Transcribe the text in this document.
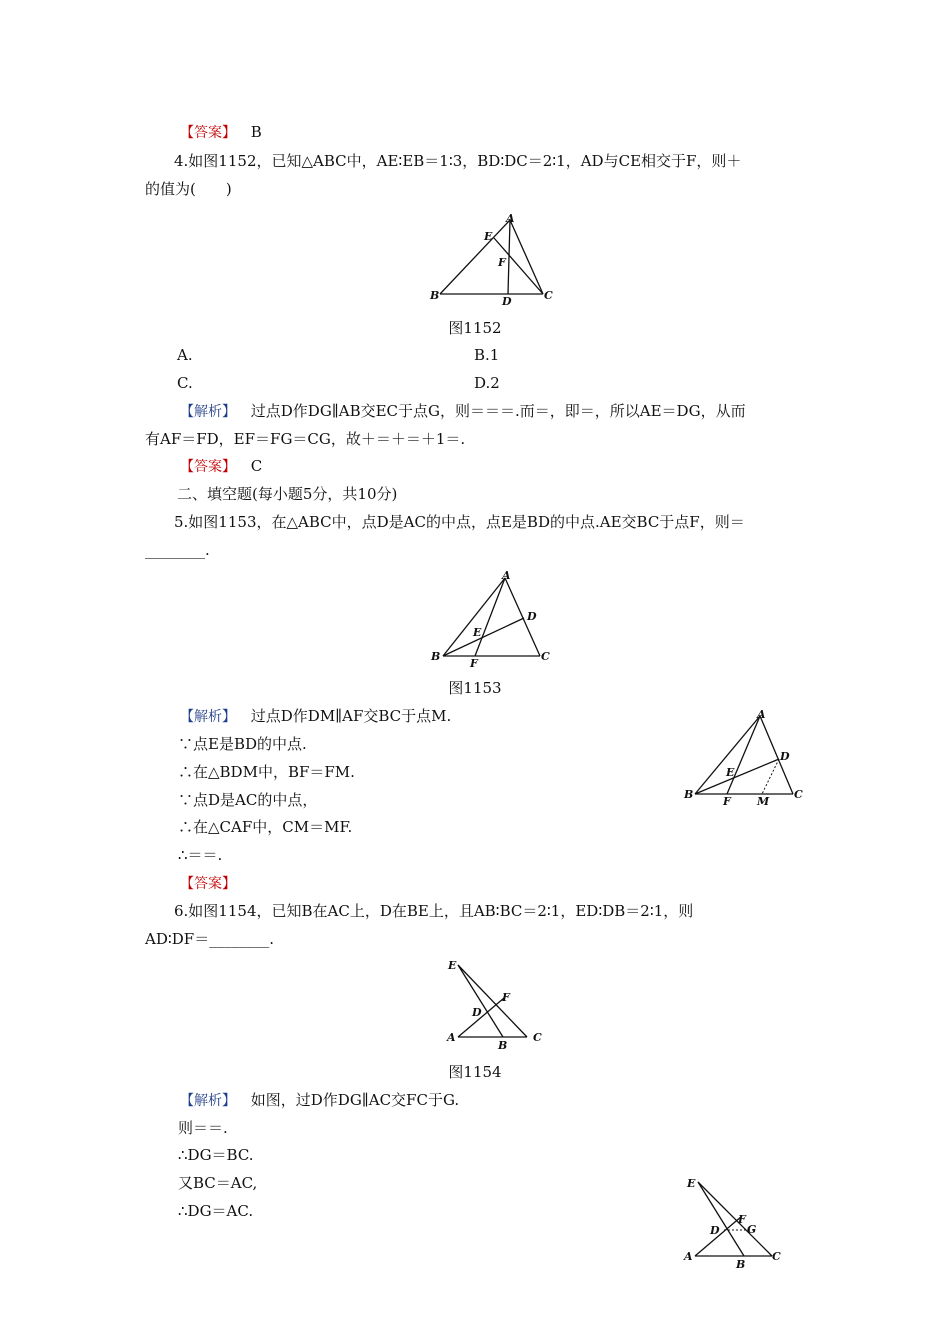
【答案】 B
4.如图1152，已知△ABC中，AE∶EB＝1∶3，BD∶DC＝2∶1，AD与CE相交于F，则＋
的值为(　　)
A
E
F
B	D	C
图1152
A.	B.1
C.	D.2
【解析】 过点D作DG∥AB交EC于点G，则＝＝＝.而＝，即＝，所以AE＝DG，从而
有AF＝FD，EF＝FG＝CG，故＋＝＋＝＋1＝.
【答案】 C
二、填空题(每小题5分，共10分)
5.如图1153，在△ABC中，点D是AC的中点，点E是BD的中点.AE交BC于点F，则＝
________.
A
D
E
B
F
C
图1153
【解析】 过点D作DM∥AF交BC于点M.
∵点E是BD的中点.
∴在△BDM中，BF＝FM.
∵点D是AC的中点，
∴在△CAF中，CM＝MF.
∴＝＝.
【答案】
A
D
E
B
F M
C
6.如图1154，已知B在AC上，D在BE上，且AB∶BC＝2∶1，ED∶DB＝2∶1，则
AD∶DF＝________.
E
F
D
A
B
C
图1154
【解析】 如图，过D作DG∥AC交FC于G.
则＝＝.
∴DG＝BC.
又BC＝AC,
∴DG＝AC.
E
F
D G
A
B
C
